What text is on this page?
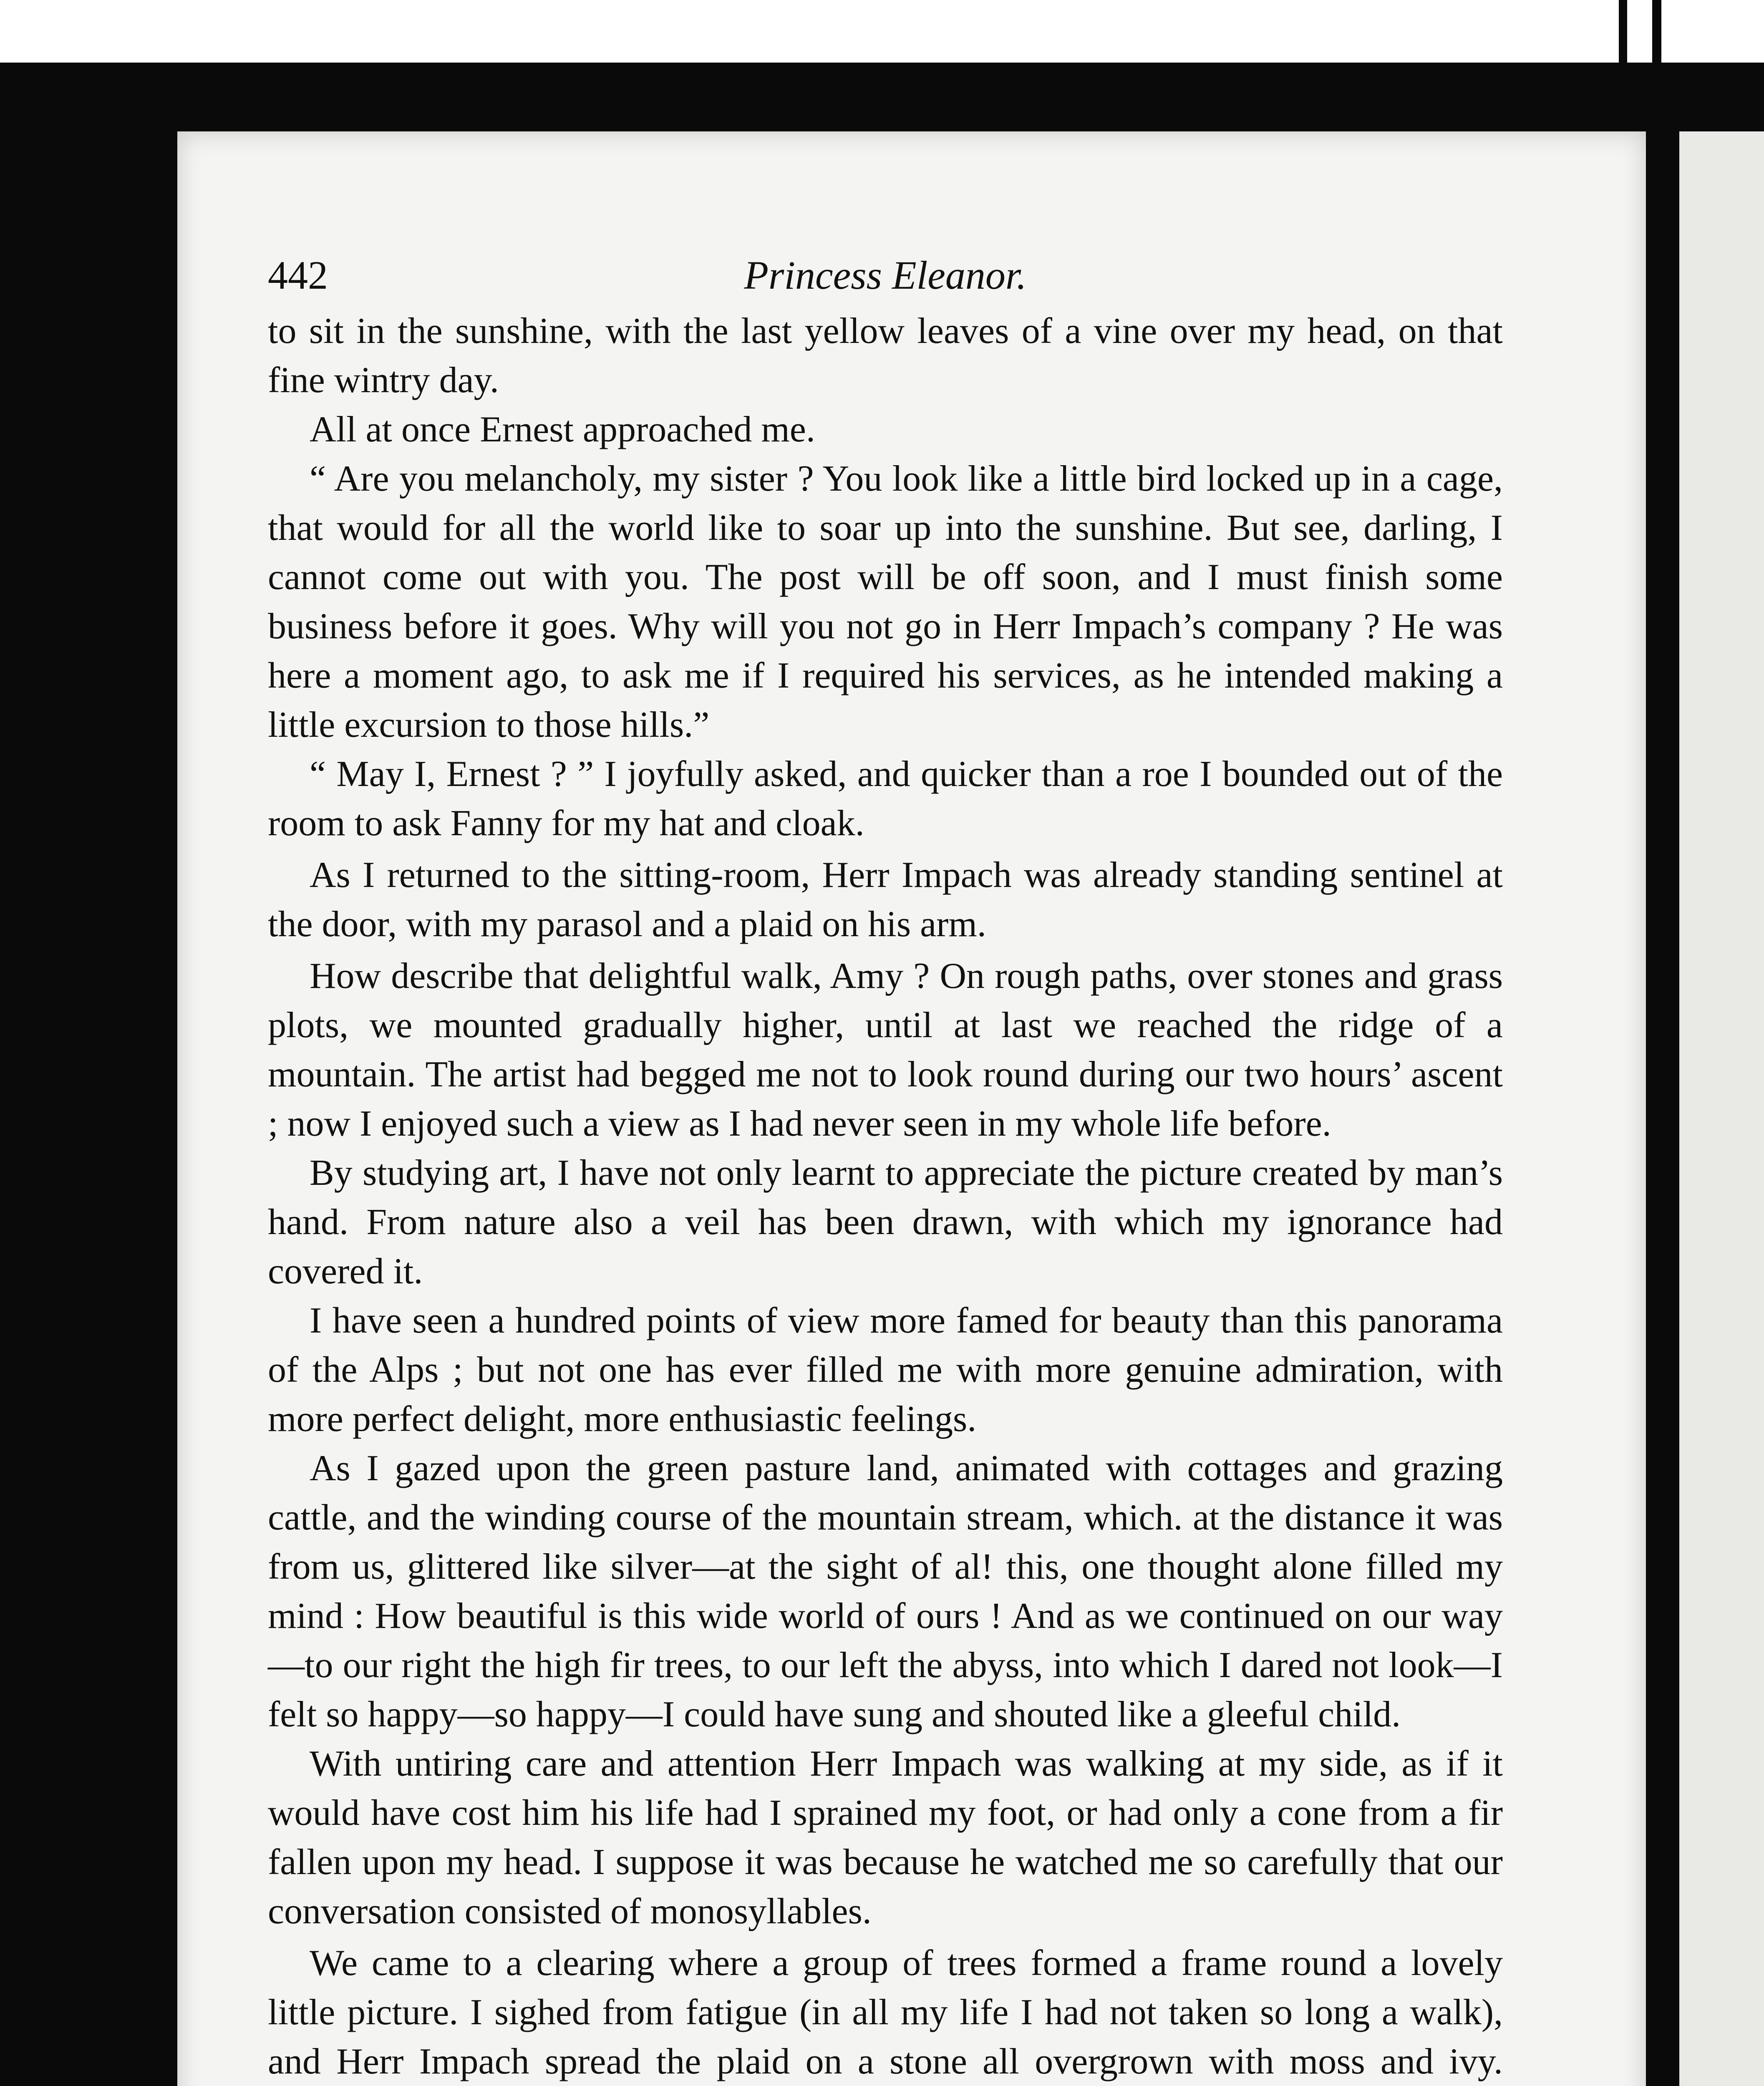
442	Princess Eleanor.

to sit in the sunshine, with the last yellow leaves of a vine over my head, on that fine wintry day.

All at once Ernest approached me.

“ Are you melancholy, my sister ? You look like a little bird locked up in a cage, that would for all the world like to soar up into the sunshine. But see, darling, I cannot come out with you. The post will be off soon, and I must finish some business before it goes. Why will you not go in Herr Impach’s company ? He was here a moment ago, to ask me if I required his services, as he intended making a little excursion to those hills.”

“ May I, Ernest ? ” I joyfully asked, and quicker than a roe I bounded out of the room to ask Fanny for my hat and cloak.

As I returned to the sitting-room, Herr Impach was already standing sentinel at the door, with my parasol and a plaid on his arm.

How describe that delightful walk, Amy ? On rough paths, over stones and grass plots, we mounted gradually higher, until at last we reached the ridge of a mountain. The artist had begged me not to look round during our two hours’ ascent ; now I enjoyed such a view as I had never seen in my whole life before.

By studying art, I have not only learnt to appreciate the picture created by man’s hand. From nature also a veil has been drawn, with which my ignorance had covered it.

I have seen a hundred points of view more famed for beauty than this panorama of the Alps ; but not one has ever filled me with more genuine admiration, with more perfect delight, more enthusiastic feelings.

As I gazed upon the green pasture land, animated with cottages and grazing cattle, and the winding course of the mountain stream, which. at the distance it was from us, glittered like silver—at the sight of al! this, one thought alone filled my mind : How beautiful is this wide world of ours ! And as we continued on our way—to our right the high fir trees, to our left the abyss, into which I dared not look—I felt so happy—so happy—I could have sung and shouted like a gleeful child.

With untiring care and attention Herr Impach was walking at my side, as if it would have cost him his life had I sprained my foot, or had only a cone from a fir fallen upon my head. I suppose it was because he watched me so carefully that our conversation consisted of monosyllables.

We came to a clearing where a group of trees formed a frame round a lovely little picture. I sighed from fatigue (in all my life I had not taken so long a walk), and Herr Impach spread the plaid on a stone all overgrown with moss and ivy.
